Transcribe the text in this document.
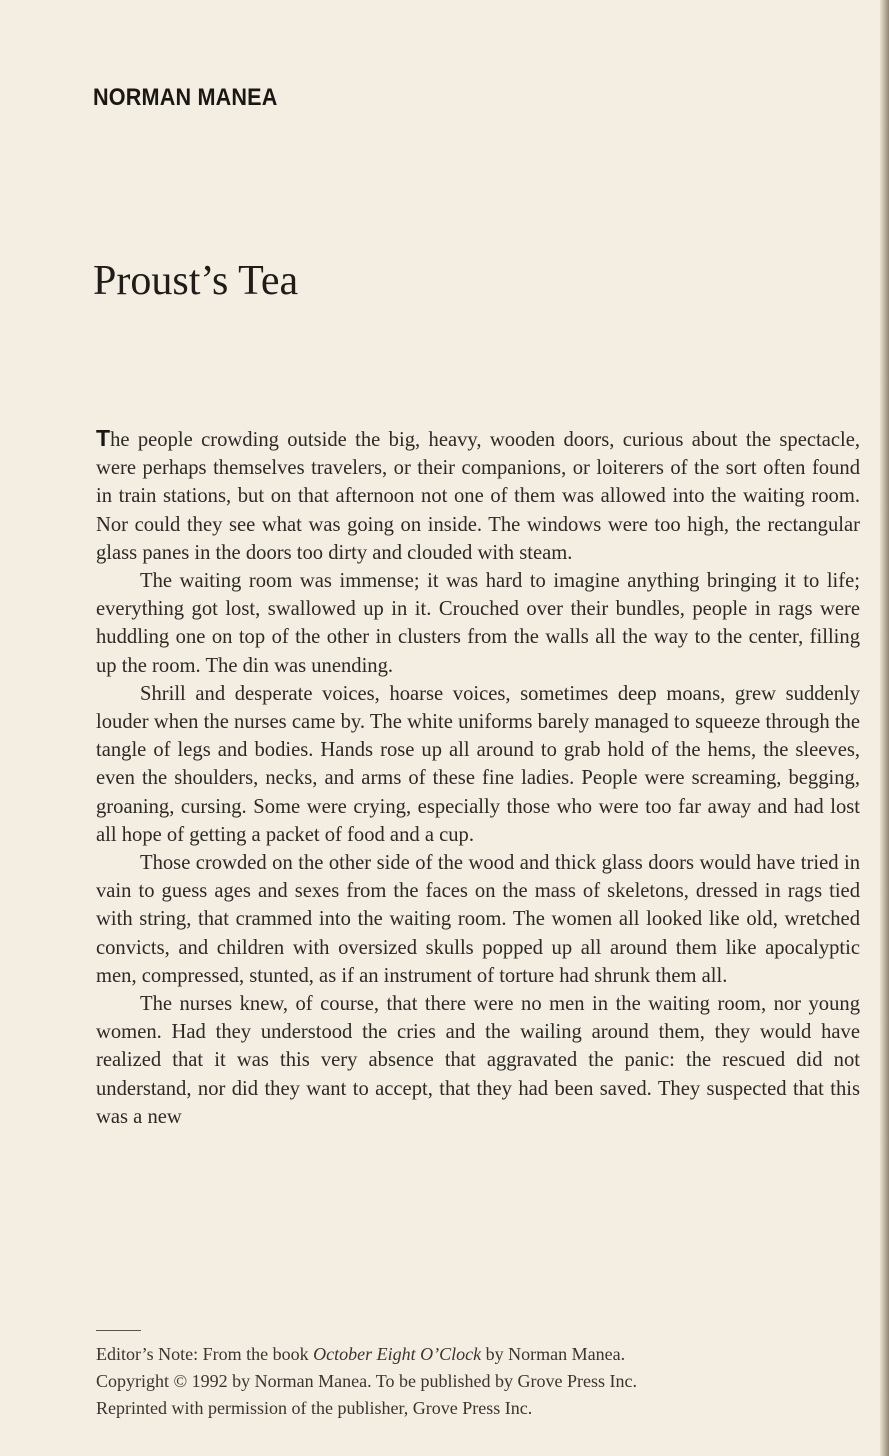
NORMAN MANEA
Proust’s Tea

The people crowding outside the big, heavy, wooden doors, curious about the spectacle, were perhaps themselves travelers, or their companions, or loiterers of the sort often found in train stations, but on that afternoon not one of them was allowed into the waiting room. Nor could they see what was going on inside. The windows were too high, the rectangular glass panes in the doors too dirty and clouded with steam.

The waiting room was immense; it was hard to imagine anything bringing it to life; everything got lost, swallowed up in it. Crouched over their bundles, people in rags were huddling one on top of the other in clusters from the walls all the way to the center, filling up the room. The din was unending.

Shrill and desperate voices, hoarse voices, sometimes deep moans, grew suddenly louder when the nurses came by. The white uniforms barely managed to squeeze through the tangle of legs and bodies. Hands rose up all around to grab hold of the hems, the sleeves, even the shoulders, necks, and arms of these fine ladies. People were screaming, begging, groaning, cursing. Some were crying, especially those who were too far away and had lost all hope of getting a packet of food and a cup.

Those crowded on the other side of the wood and thick glass doors would have tried in vain to guess ages and sexes from the faces on the mass of skeletons, dressed in rags tied with string, that crammed into the waiting room. The women all looked like old, wretched convicts, and children with oversized skulls popped up all around them like apocalyptic men, compressed, stunted, as if an instrument of torture had shrunk them all.

The nurses knew, of course, that there were no men in the waiting room, nor young women. Had they understood the cries and the wailing around them, they would have realized that it was this very absence that aggravated the panic: the rescued did not understand, nor did they want to accept, that they had been saved. They suspected that this was a new

Editor’s Note: From the book October Eight O’Clock by Norman Manea.
Copyright © 1992 by Norman Manea. To be published by Grove Press Inc.
Reprinted with permission of the publisher, Grove Press Inc.
